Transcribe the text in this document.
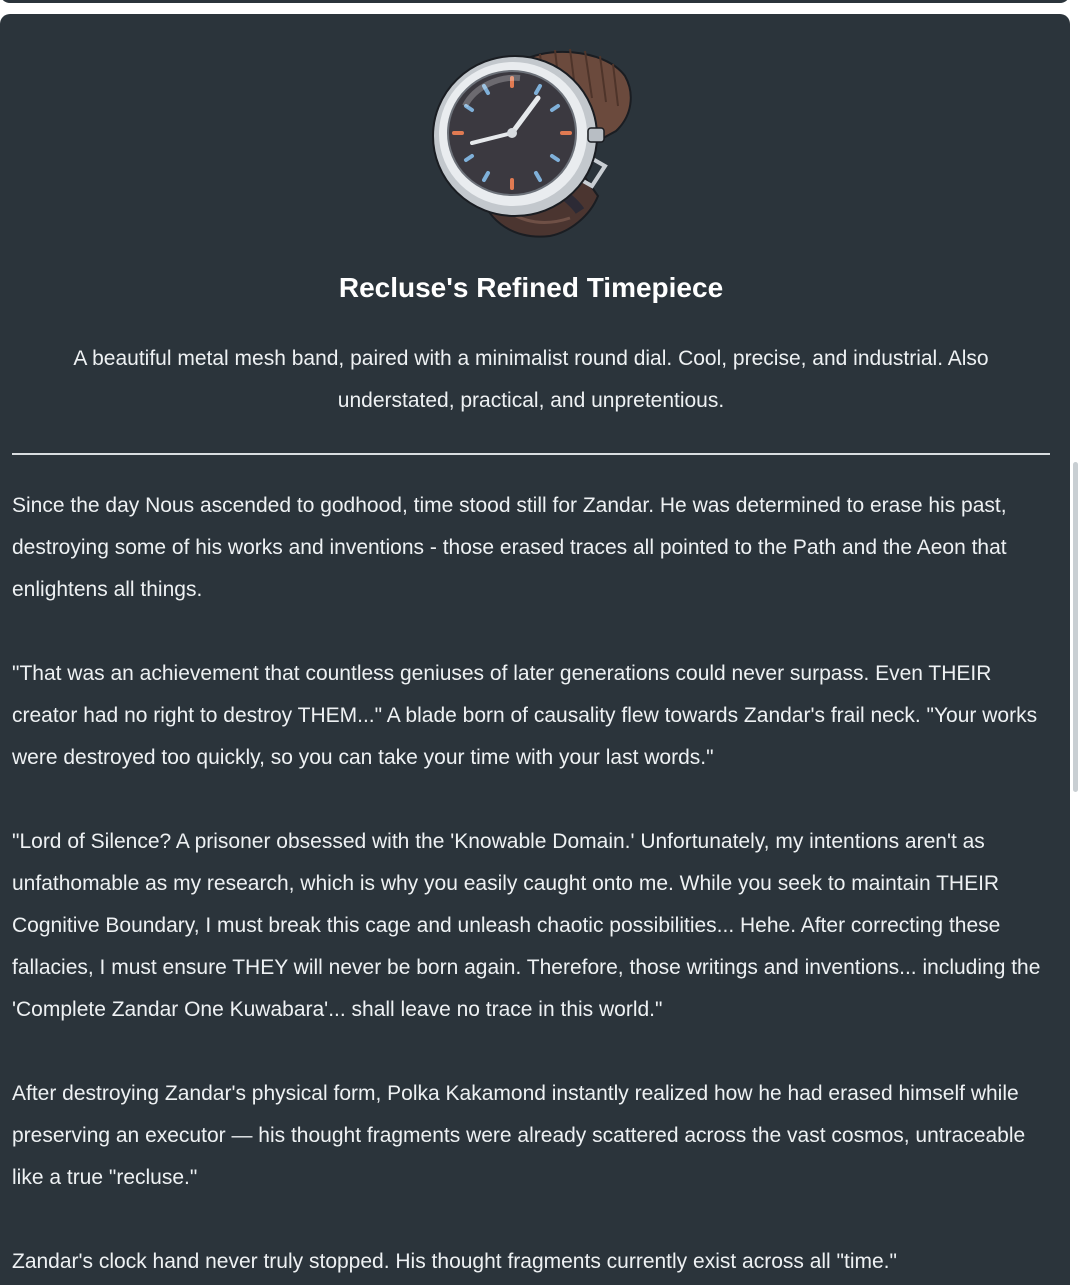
Recluse's Refined Timepiece

A beautiful metal mesh band, paired with a minimalist round dial. Cool, precise, and industrial. Also understated, practical, and unpretentious.

Since the day Nous ascended to godhood, time stood still for Zandar. He was determined to erase his past, destroying some of his works and inventions - those erased traces all pointed to the Path and the Aeon that enlightens all things.

"That was an achievement that countless geniuses of later generations could never surpass. Even THEIR creator had no right to destroy THEM..." A blade born of causality flew towards Zandar's frail neck. "Your works were destroyed too quickly, so you can take your time with your last words."

"Lord of Silence? A prisoner obsessed with the 'Knowable Domain.' Unfortunately, my intentions aren't as unfathomable as my research, which is why you easily caught onto me. While you seek to maintain THEIR Cognitive Boundary, I must break this cage and unleash chaotic possibilities... Hehe. After correcting these fallacies, I must ensure THEY will never be born again. Therefore, those writings and inventions... including the 'Complete Zandar One Kuwabara'... shall leave no trace in this world."

After destroying Zandar's physical form, Polka Kakamond instantly realized how he had erased himself while preserving an executor — his thought fragments were already scattered across the vast cosmos, untraceable like a true "recluse."

Zandar's clock hand never truly stopped. His thought fragments currently exist across all "time."
